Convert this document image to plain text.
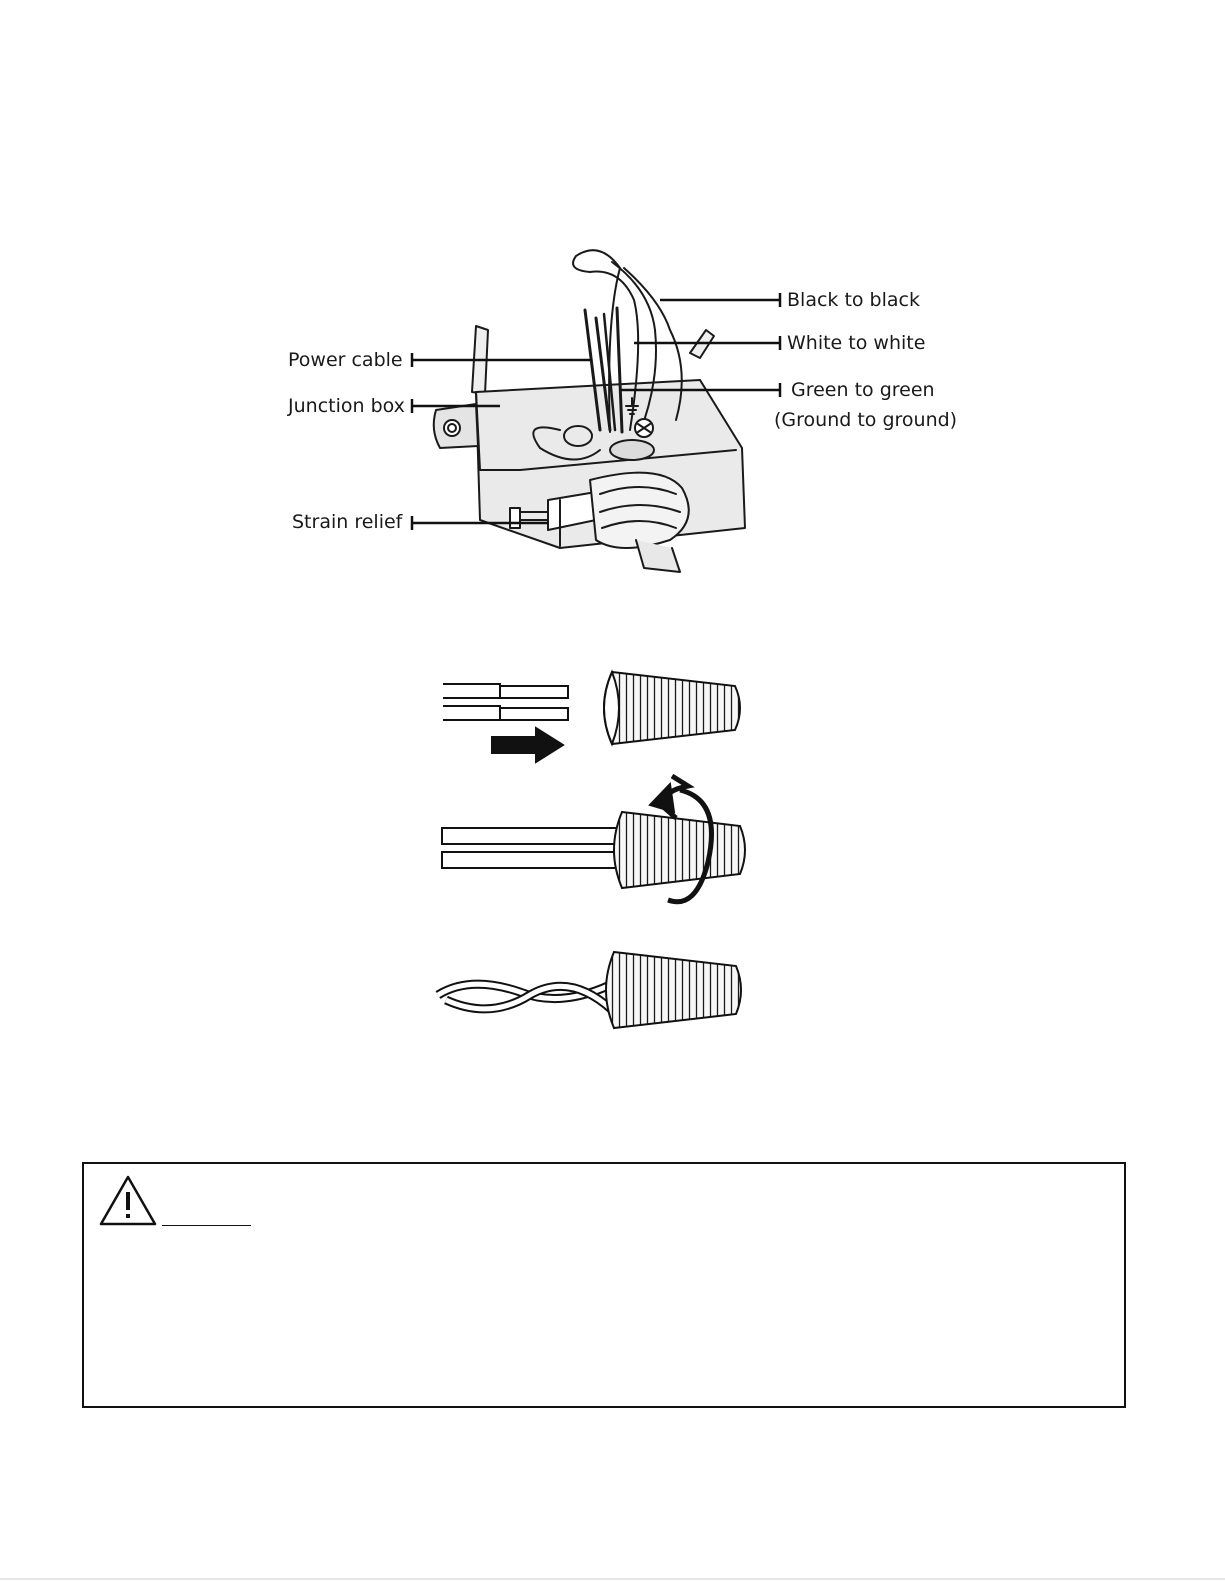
Power cable
Junction box
Strain relief
Black to black
White to white
Green to green
(Ground to ground)
